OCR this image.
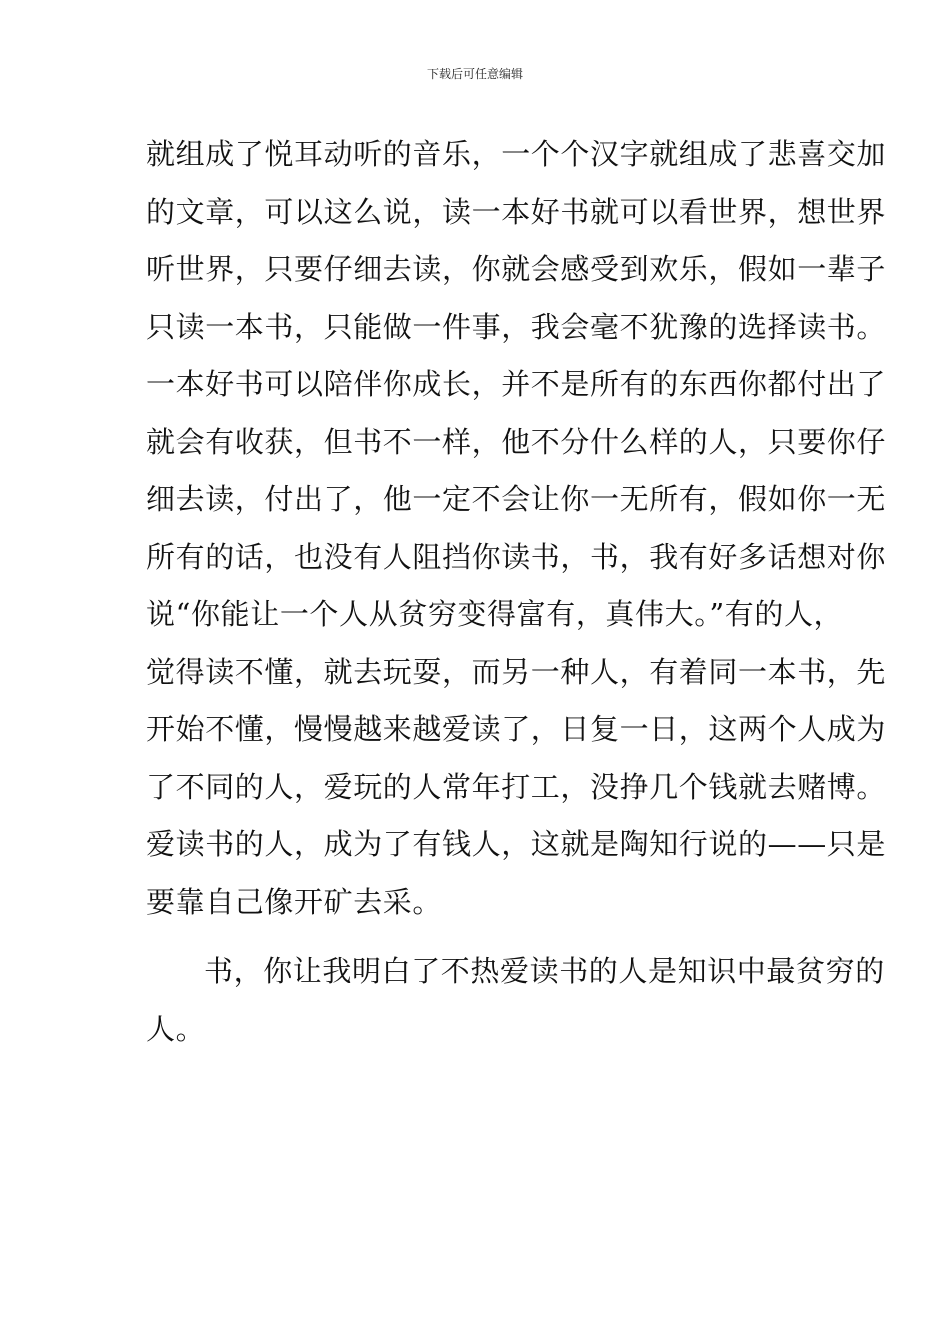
下载后可任意编辑
就组成了悦耳动听的音乐，一个个汉字就组成了悲喜交加
的文章，可以这么说，读一本好书就可以看世界，想世界
听世界，只要仔细去读，你就会感受到欢乐，假如一辈子
只读一本书，只能做一件事，我会毫不犹豫的选择读书。
一本好书可以陪伴你成长，并不是所有的东西你都付出了
就会有收获，但书不一样，他不分什么样的人，只要你仔
细去读，付出了，他一定不会让你一无所有，假如你一无
所有的话，也没有人阻挡你读书，书，我有好多话想对你
说“你能让一个人从贫穷变得富有，真伟大。”有的人，
觉得读不懂，就去玩耍，而另一种人，有着同一本书，先
开始不懂，慢慢越来越爱读了，日复一日，这两个人成为
了不同的人，爱玩的人常年打工，没挣几个钱就去赌博。
爱读书的人，成为了有钱人，这就是陶知行说的——只是
要靠自己像开矿去采。
书，你让我明白了不热爱读书的人是知识中最贫穷的
人。
